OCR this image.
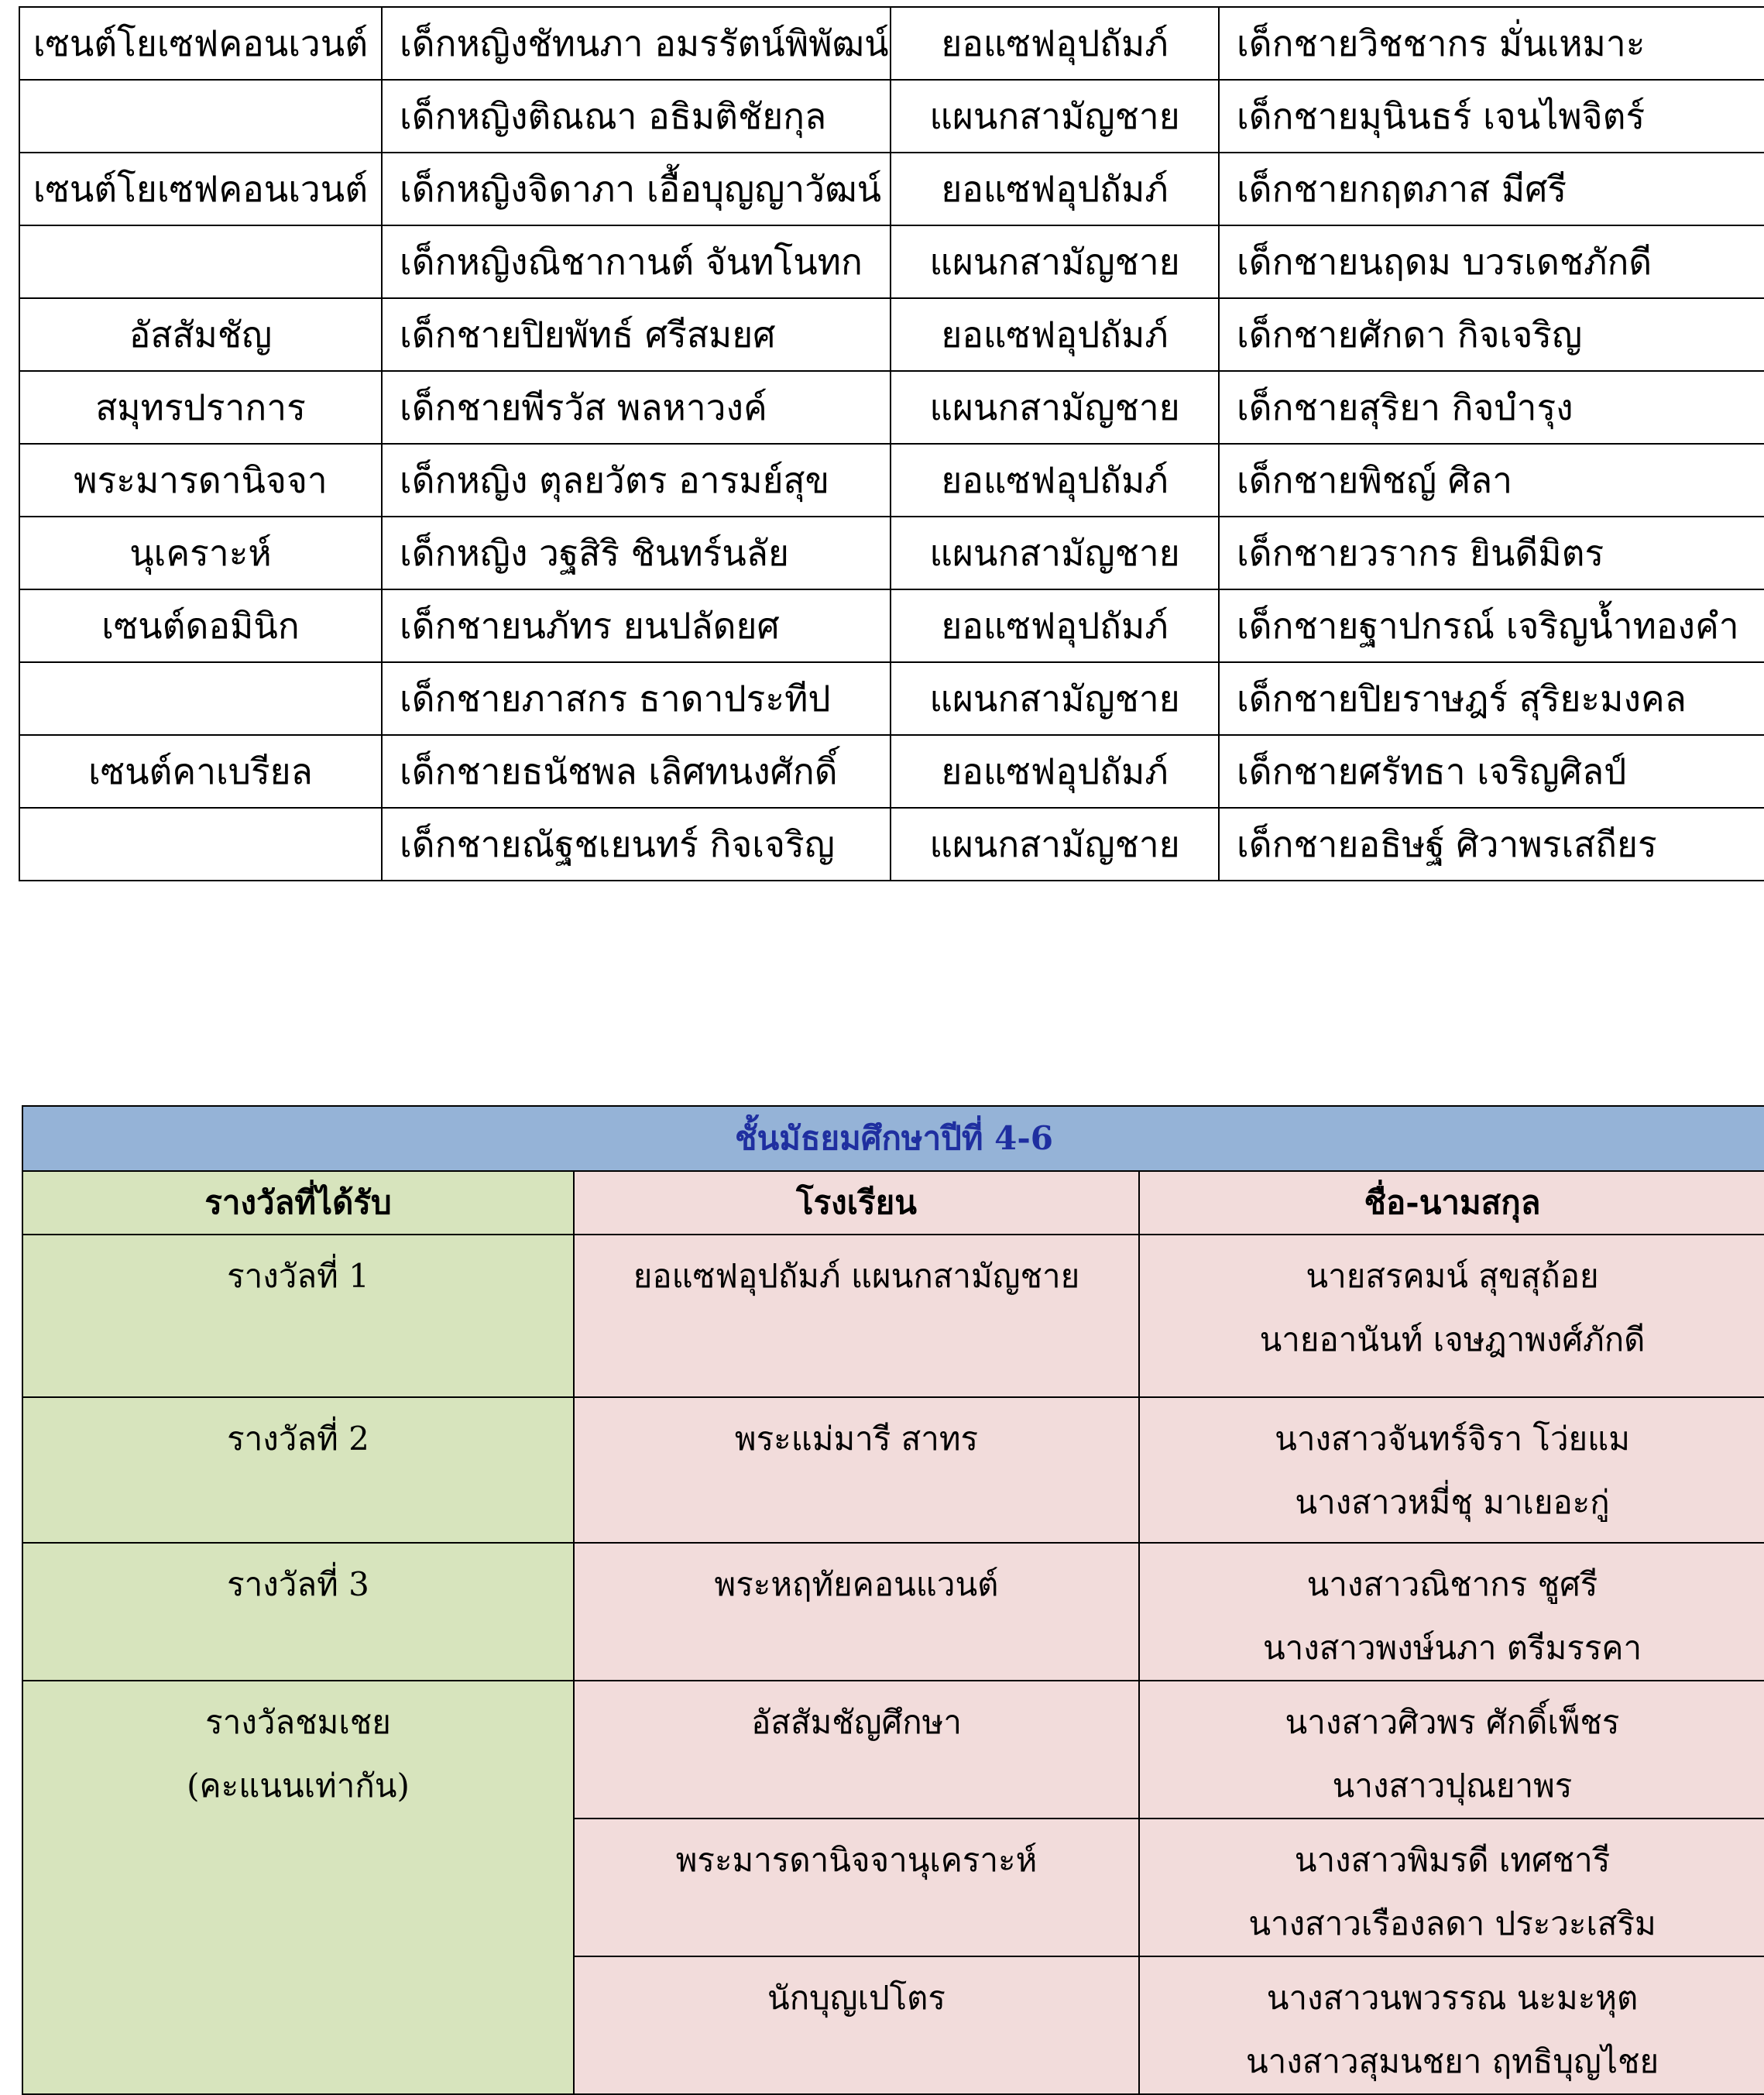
เซนต์โยเซฟคอนเวนต์	เด็กหญิงชัทนภา อมรรัตน์พิพัฒน์	ยอแซฟอุปถัมภ์	เด็กชายวิชชากร มั่นเหมาะ
	เด็กหญิงติณณา อธิมติชัยกุล	แผนกสามัญชาย	เด็กชายมุนินธร์ เจนไพจิตร์
เซนต์โยเซฟคอนเวนต์	เด็กหญิงจิดาภา เอื้อบุญญาวัฒน์	ยอแซฟอุปถัมภ์	เด็กชายกฤตภาส มีศรี
	เด็กหญิงณิชากานต์ จันทโนทก	แผนกสามัญชาย	เด็กชายนฤดม บวรเดชภักดี
อัสสัมชัญ	เด็กชายปิยพัทธ์ ศรีสมยศ	ยอแซฟอุปถัมภ์	เด็กชายศักดา กิจเจริญ
สมุทรปราการ	เด็กชายพีรวัส พลหาวงค์	แผนกสามัญชาย	เด็กชายสุริยา กิจบำรุง
พระมารดานิจจา	เด็กหญิง ตุลยวัตร อารมย์สุข	ยอแซฟอุปถัมภ์	เด็กชายพิชญ์ ศิลา
นุเคราะห์	เด็กหญิง วฐสิริ ชินทร์นลัย	แผนกสามัญชาย	เด็กชายวรากร ยินดีมิตร
เซนต์ดอมินิก	เด็กชายนภัทร ยนปลัดยศ	ยอแซฟอุปถัมภ์	เด็กชายฐาปกรณ์ เจริญน้ำทองคำ
	เด็กชายภาสกร ธาดาประทีป	แผนกสามัญชาย	เด็กชายปิยราษฎร์ สุริยะมงคล
เซนต์คาเบรียล	เด็กชายธนัชพล เลิศทนงศักดิ์	ยอแซฟอุปถัมภ์	เด็กชายศรัทธา เจริญศิลป์
	เด็กชายณัฐชเยนทร์ กิจเจริญ	แผนกสามัญชาย	เด็กชายอธิษฐ์ ศิวาพรเสถียร
ชั้นมัธยมศึกษาปีที่ 4-6		
รางวัลที่ได้รับ	โรงเรียน	ชื่อ-นามสกุล

รางวัลที่ 1	ยอแซฟอุปถัมภ์ แผนกสามัญชาย	นายสรคมน์ สุขสุถ้อย
นายอานันท์ เจษฎาพงศ์ภักดี

รางวัลที่ 2	พระแม่มารี สาทร	นางสาวจันทร์จิรา โว่ยแม
นางสาวหมี่ชุ มาเยอะกู่

รางวัลที่ 3	พระหฤทัยคอนแวนต์	นางสาวณิชากร ชูศรี
นางสาวพงษ์นภา ตรีมรรคา

รางวัลชมเชย
(คะแนนเท่ากัน)	อัสสัมชัญศึกษา	นางสาวศิวพร ศักดิ์เพ็ชร
นางสาวปุณยาพร

	พระมารดานิจจานุเคราะห์	นางสาวพิมรดี เทศชารี
นางสาวเรืองลดา ประวะเสริม

	นักบุญเปโตร	นางสาวนพวรรณ นะมะหุต
นางสาวสุมนชยา ฤทธิบุญไชย
